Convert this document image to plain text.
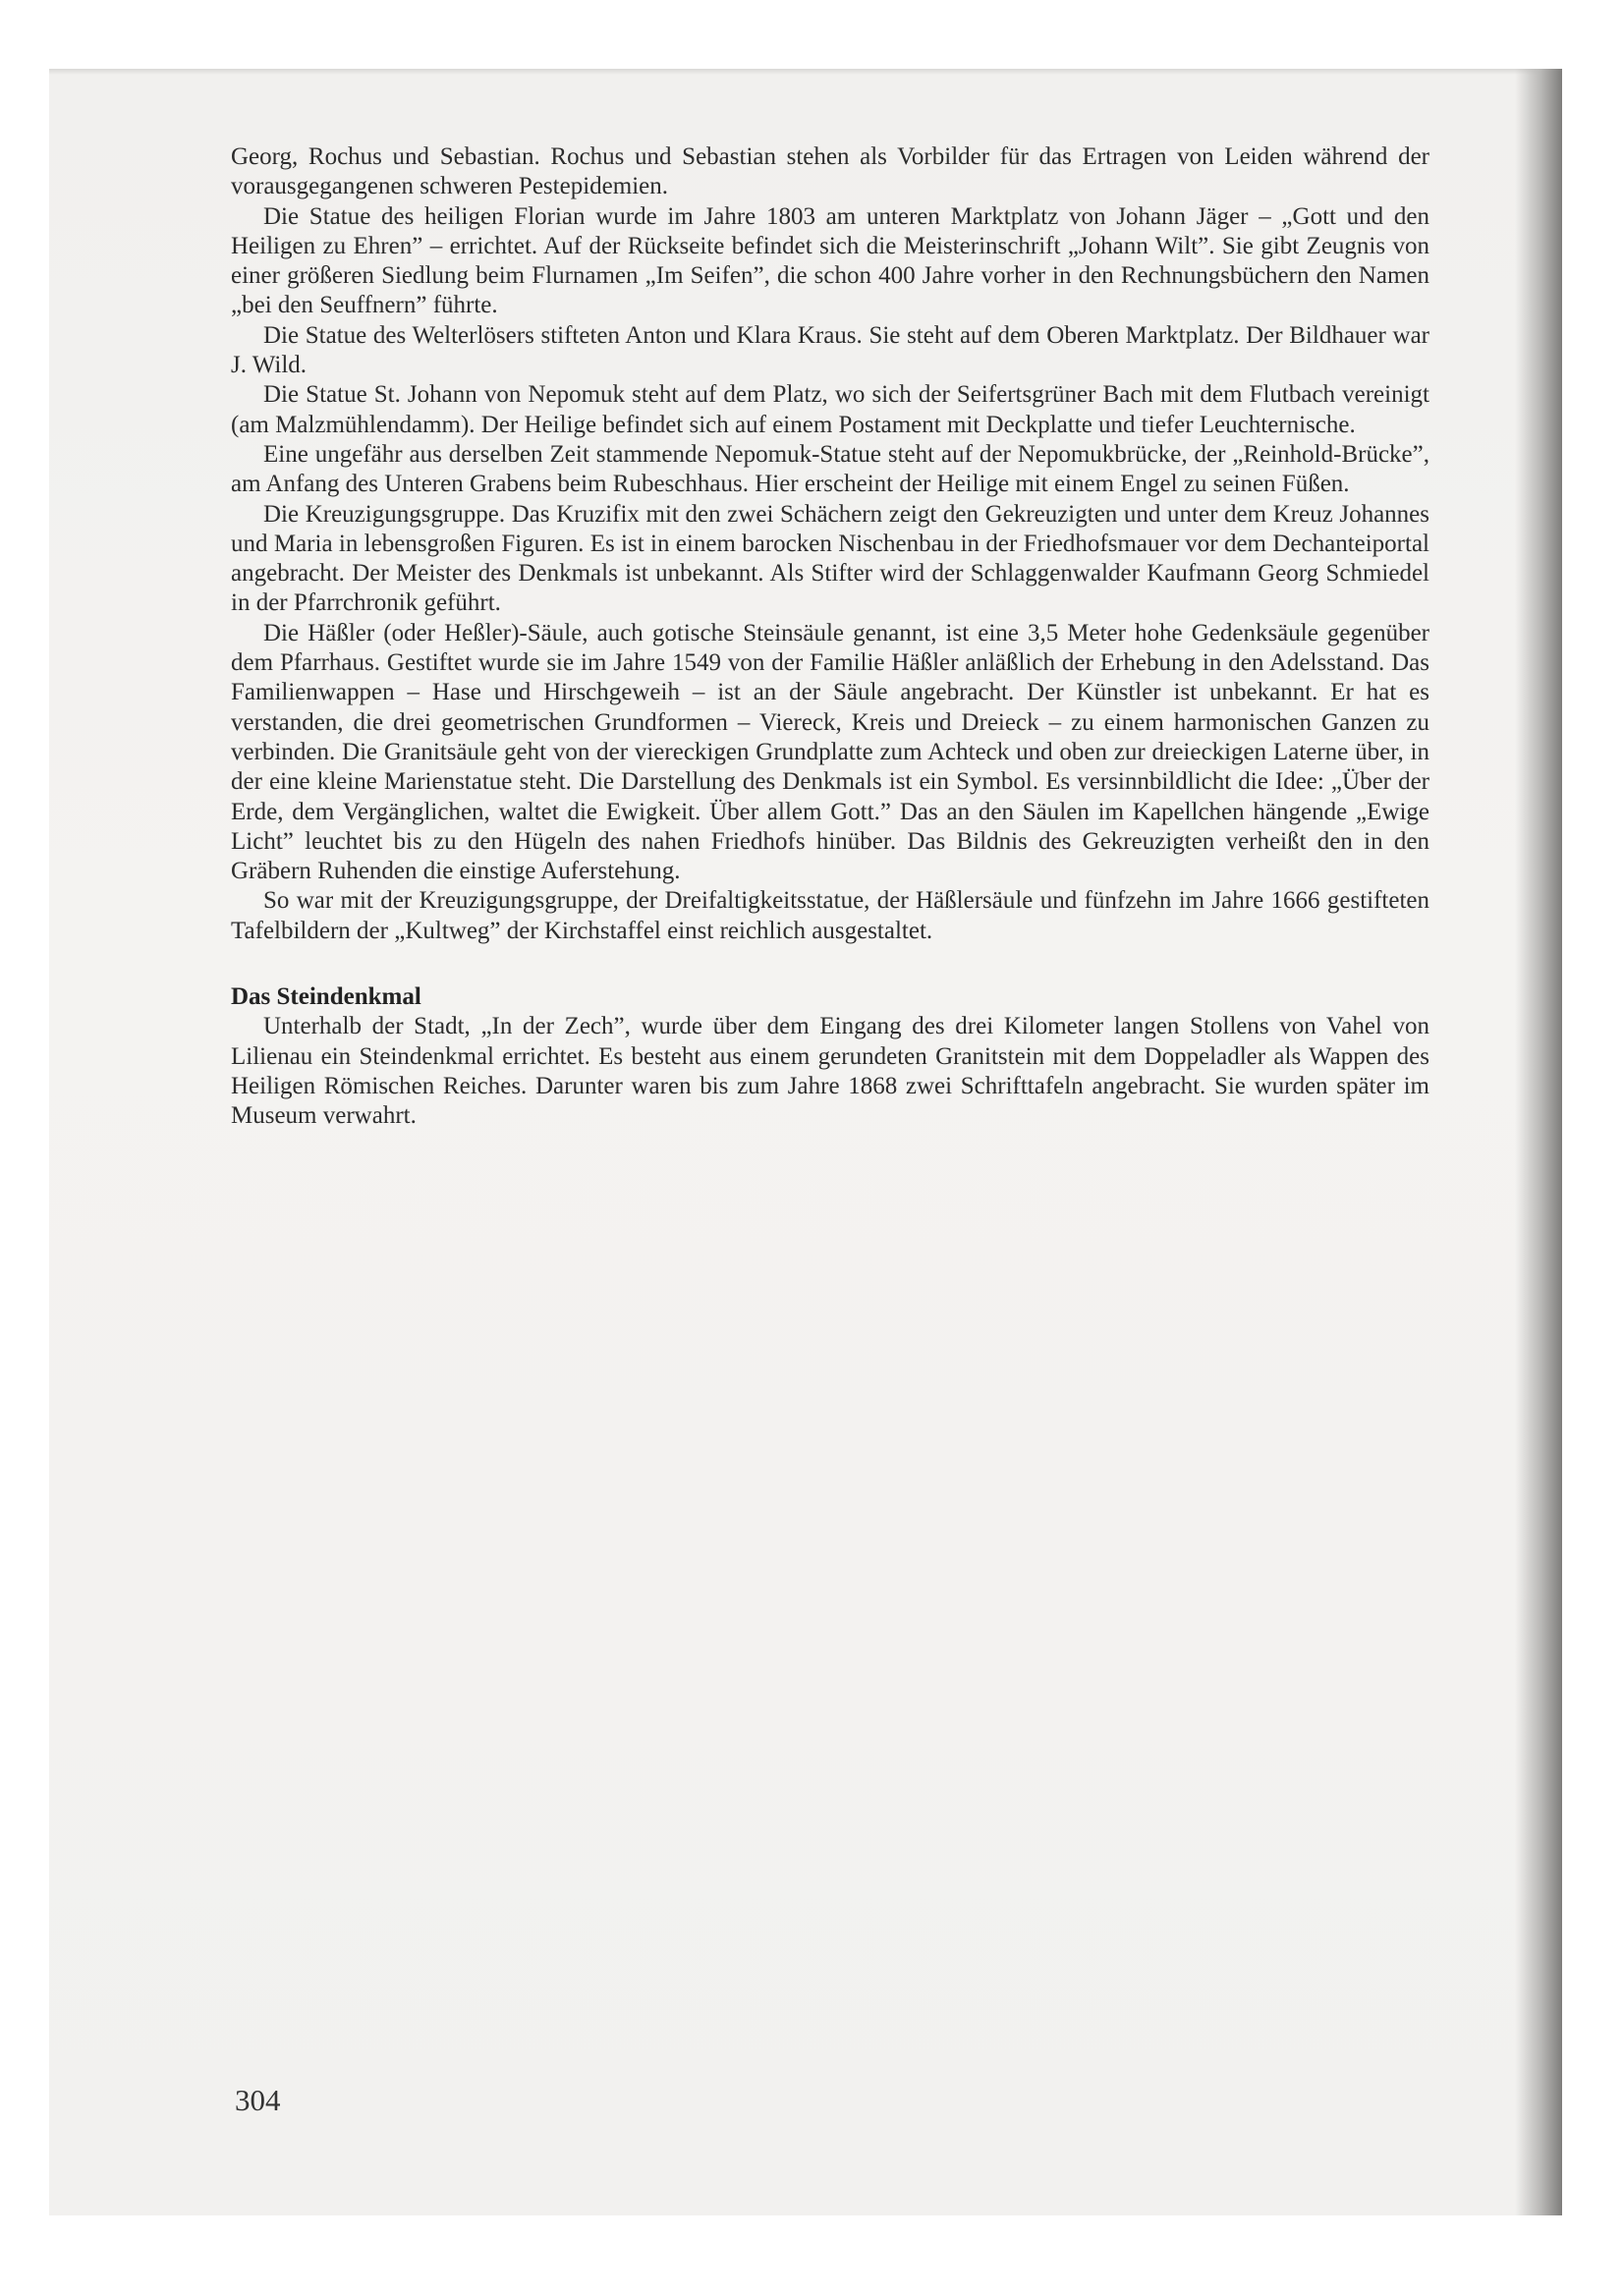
Georg, Rochus und Sebastian. Rochus und Sebastian stehen als Vorbilder für das Ertragen von Leiden während der vorausgegangenen schweren Pestepidemien.

Die Statue des heiligen Florian wurde im Jahre 1803 am unteren Marktplatz von Johann Jäger – „Gott und den Heiligen zu Ehren” – errichtet. Auf der Rückseite befindet sich die Meisterinschrift „Johann Wilt”. Sie gibt Zeugnis von einer größeren Siedlung beim Flurnamen „Im Seifen”, die schon 400 Jahre vorher in den Rechnungsbüchern den Namen „bei den Seuffnern” führte.

Die Statue des Welterlösers stifteten Anton und Klara Kraus. Sie steht auf dem Oberen Marktplatz. Der Bildhauer war J. Wild.

Die Statue St. Johann von Nepomuk steht auf dem Platz, wo sich der Seifertsgrüner Bach mit dem Flutbach vereinigt (am Malzmühlendamm). Der Heilige befindet sich auf einem Postament mit Deckplatte und tiefer Leuchternische.

Eine ungefähr aus derselben Zeit stammende Nepomuk-Statue steht auf der Nepomukbrücke, der „Reinhold-Brücke”, am Anfang des Unteren Grabens beim Rubeschhaus. Hier erscheint der Heilige mit einem Engel zu seinen Füßen.

Die Kreuzigungsgruppe. Das Kruzifix mit den zwei Schächern zeigt den Gekreuzigten und unter dem Kreuz Johannes und Maria in lebensgroßen Figuren. Es ist in einem barocken Nischenbau in der Friedhofsmauer vor dem Dechanteiportal angebracht. Der Meister des Denkmals ist unbekannt. Als Stifter wird der Schlaggenwalder Kaufmann Georg Schmiedel in der Pfarrchronik geführt.

Die Häßler (oder Heßler)-Säule, auch gotische Steinsäule genannt, ist eine 3,5 Meter hohe Gedenksäule gegenüber dem Pfarrhaus. Gestiftet wurde sie im Jahre 1549 von der Familie Häßler anläßlich der Erhebung in den Adelsstand. Das Familienwappen – Hase und Hirschgeweih – ist an der Säule angebracht. Der Künstler ist unbekannt. Er hat es verstanden, die drei geometrischen Grundformen – Viereck, Kreis und Dreieck – zu einem harmonischen Ganzen zu verbinden. Die Granitsäule geht von der viereckigen Grundplatte zum Achteck und oben zur dreieckigen Laterne über, in der eine kleine Marienstatue steht. Die Darstellung des Denkmals ist ein Symbol. Es versinnbildlicht die Idee: „Über der Erde, dem Vergänglichen, waltet die Ewigkeit. Über allem Gott.” Das an den Säulen im Kapellchen hängende „Ewige Licht” leuchtet bis zu den Hügeln des nahen Friedhofs hinüber. Das Bildnis des Gekreuzigten verheißt den in den Gräbern Ruhenden die einstige Auferstehung.

So war mit der Kreuzigungsgruppe, der Dreifaltigkeitsstatue, der Häßlersäule und fünfzehn im Jahre 1666 gestifteten Tafelbildern der „Kultweg” der Kirchstaffel einst reichlich ausgestaltet.

Das Steindenkmal

Unterhalb der Stadt, „In der Zech”, wurde über dem Eingang des drei Kilometer langen Stollens von Vahel von Lilienau ein Steindenkmal errichtet. Es besteht aus einem gerundeten Granitstein mit dem Doppeladler als Wappen des Heiligen Römischen Reiches. Darunter waren bis zum Jahre 1868 zwei Schrifttafeln angebracht. Sie wurden später im Museum verwahrt.

304
